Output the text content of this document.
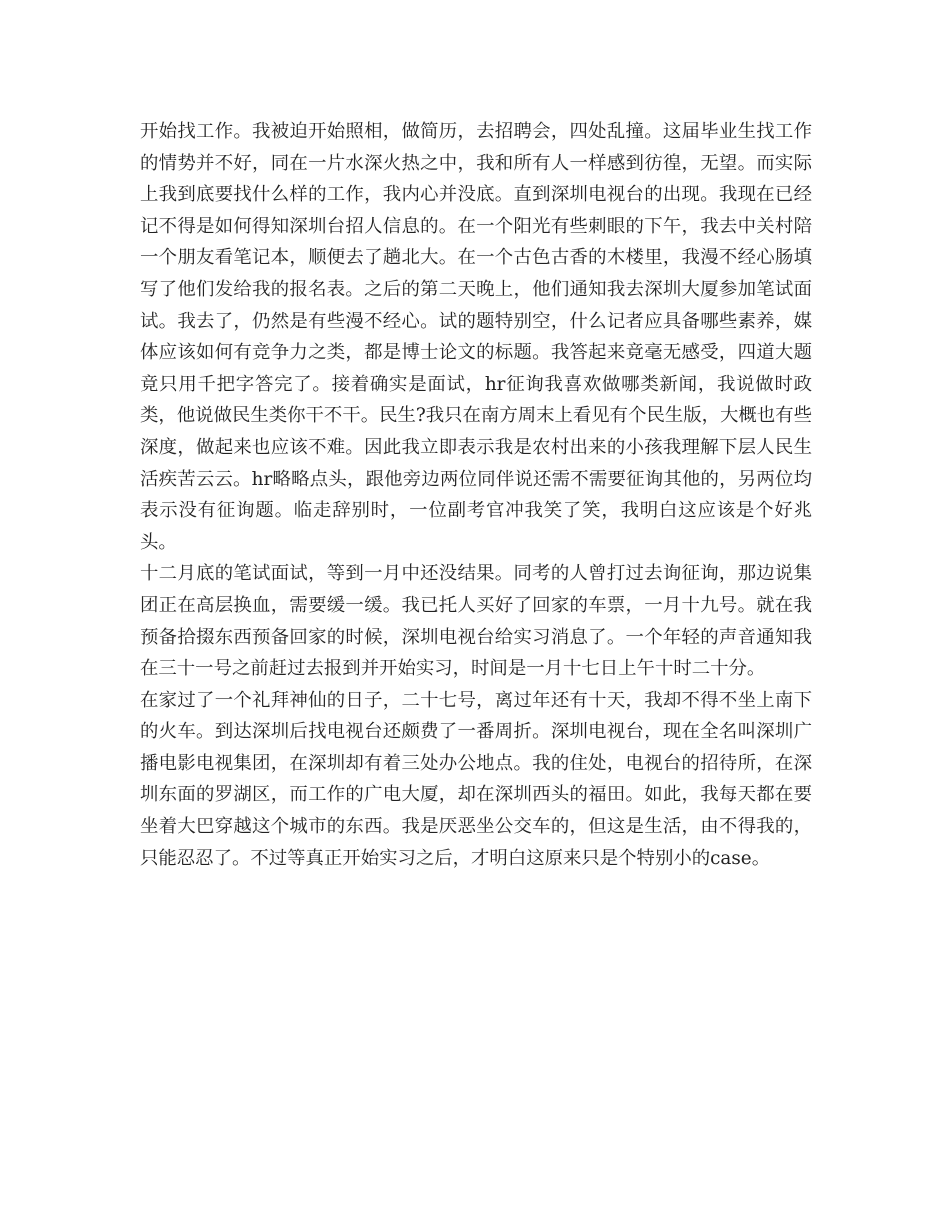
开始找工作。我被迫开始照相，做简历，去招聘会，四处乱撞。这届毕业生找工作的情势并不好，同在一片水深火热之中，我和所有人一样感到彷徨，无望。而实际上我到底要找什么样的工作，我内心并没底。直到深圳电视台的出现。我现在已经记不得是如何得知深圳台招人信息的。在一个阳光有些刺眼的下午，我去中关村陪一个朋友看笔记本，顺便去了趟北大。在一个古色古香的木楼里，我漫不经心肠填写了他们发给我的报名表。之后的第二天晚上，他们通知我去深圳大厦参加笔试面试。我去了，仍然是有些漫不经心。试的题特别空，什么记者应具备哪些素养，媒体应该如何有竞争力之类，都是博士论文的标题。我答起来竟毫无感受，四道大题竟只用千把字答完了。接着确实是面试，hr征询我喜欢做哪类新闻，我说做时政类，他说做民生类你干不干。民生?我只在南方周末上看见有个民生版，大概也有些深度，做起来也应该不难。因此我立即表示我是农村出来的小孩我理解下层人民生活疾苦云云。hr略略点头，跟他旁边两位同伴说还需不需要征询其他的，另两位均表示没有征询题。临走辞别时，一位副考官冲我笑了笑，我明白这应该是个好兆头。

十二月底的笔试面试，等到一月中还没结果。同考的人曾打过去询征询，那边说集团正在高层换血，需要缓一缓。我已托人买好了回家的车票，一月十九号。就在我预备拾掇东西预备回家的时候，深圳电视台给实习消息了。一个年轻的声音通知我在三十一号之前赶过去报到并开始实习，时间是一月十七日上午十时二十分。

在家过了一个礼拜神仙的日子，二十七号，离过年还有十天，我却不得不坐上南下的火车。到达深圳后找电视台还颇费了一番周折。深圳电视台，现在全名叫深圳广播电影电视集团，在深圳却有着三处办公地点。我的住处，电视台的招待所，在深圳东面的罗湖区，而工作的广电大厦，却在深圳西头的福田。如此，我每天都在要坐着大巴穿越这个城市的东西。我是厌恶坐公交车的，但这是生活，由不得我的，只能忍忍了。不过等真正开始实习之后，才明白这原来只是个特别小的case。
